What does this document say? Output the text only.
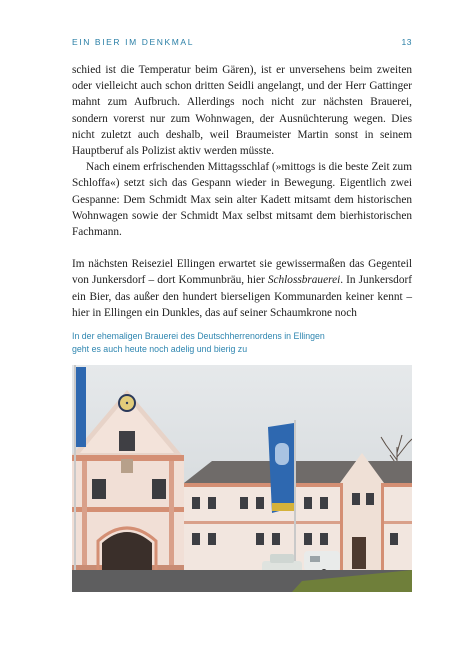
EIN BIER IM DENKMAL	13

schied ist die Temperatur beim Gären), ist er unversehens beim zweiten oder vielleicht auch schon dritten Seidli angelangt, und der Herr Gattinger mahnt zum Aufbruch. Allerdings noch nicht zur nächsten Brauerei, sondern vorerst nur zum Wohnwagen, der Ausnüchterung wegen. Dies nicht zuletzt auch deshalb, weil Braumeister Martin sonst in seinem Hauptberuf als Polizist aktiv werden müsste.

Nach einem erfrischenden Mittagsschlaf (»mittogs is die beste Zeit zum Schloffa«) setzt sich das Gespann wieder in Bewegung. Eigentlich zwei Gespanne: Dem Schmidt Max sein alter Kadett mitsamt dem historischen Wohnwagen sowie der Schmidt Max selbst mitsamt dem bierhistorischen Fachmann.

Im nächsten Reiseziel Ellingen erwartet sie gewissermaßen das Gegenteil von Junkersdorf – dort Kommunbräu, hier Schlossbrauerei. In Junkersdorf ein Bier, das außer den hundert bierseligen Kommunarden keiner kennt – hier in Ellingen ein Dunkles, das auf seiner Schaumkrone noch

In der ehemaligen Brauerei des Deutschherrenordens in Ellingen
geht es auch heute noch adelig und bierig zu
